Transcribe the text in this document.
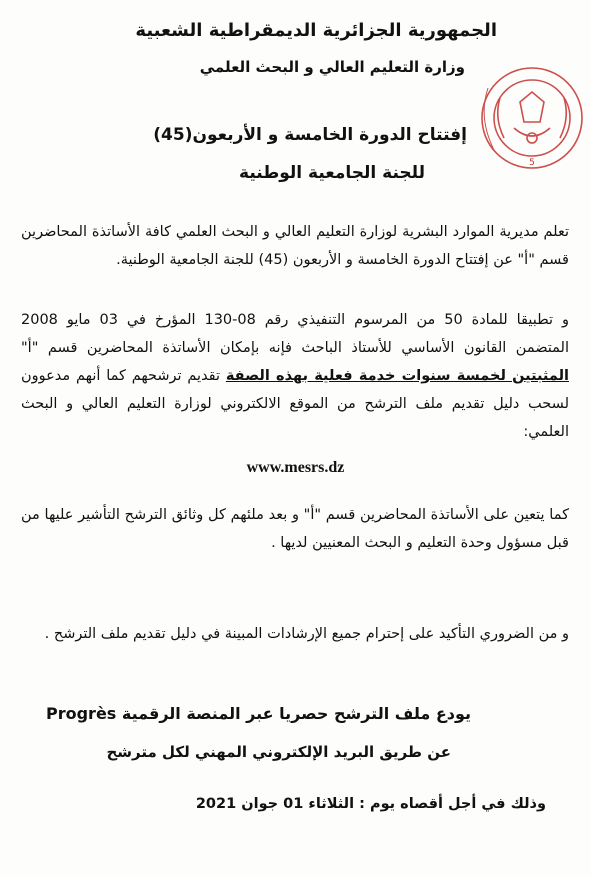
الجمهورية الجزائرية الديمقراطية الشعبية
وزارة التعليم العالي و البحث العلمي
5
إفتتاح الدورة الخامسة و الأربعون(45)
للجنة الجامعية الوطنية
تعلم مديرية الموارد البشرية لوزارة التعليم العالي و البحث العلمي كافة الأساتذة المحاضرين قسم "أ" عن إفتتاح الدورة الخامسة و الأربعون (45) للجنة الجامعية الوطنية.
و تطبيقا للمادة 50 من المرسوم التنفيذي رقم 08-130 المؤرخ في 03 مايو 2008 المتضمن القانون الأساسي للأستاذ الباحث فإنه بإمكان الأساتذة المحاضرين قسم "أ" المثبتين لخمسة سنوات خدمة فعلية بهذه الصفة تقديم ترشحهم كما أنهم مدعوون لسحب دليل تقديم ملف الترشح من الموقع الالكتروني لوزارة التعليم العالي و البحث العلمي:
www.mesrs.dz
كما يتعين على الأساتذة المحاضرين قسم "أ" و بعد ملئهم كل وثائق الترشح التأشير عليها من قبل مسؤول وحدة التعليم و البحث المعنيين لديها .
و من الضروري التأكيد على إحترام جميع الإرشادات المبينة في دليل تقديم ملف الترشح .
يودع ملف الترشح حصريا عبر المنصة الرقمية Progrès
عن طريق البريد الإلكتروني المهني لكل مترشح
وذلك في أجل أقصاه يوم : الثلاثاء 01 جوان 2021
